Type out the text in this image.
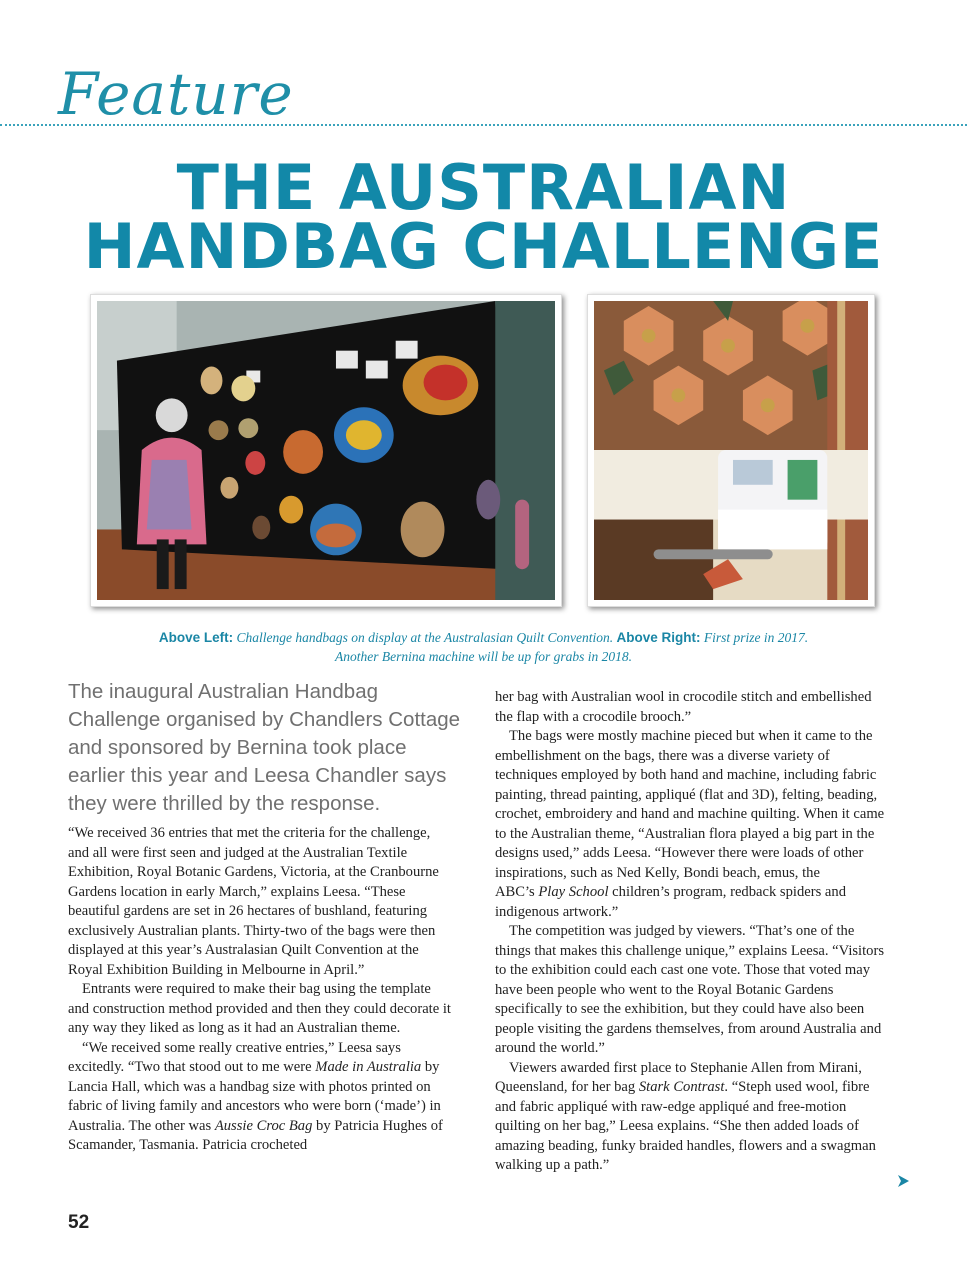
Feature
THE AUSTRALIAN
HANDBAG CHALLENGE
Above Left: Challenge handbags on display at the Australasian Quilt Convention. Above Right: First prize in 2017.
Another Bernina machine will be up for grabs in 2018.
The inaugural Australian Handbag Challenge organised by Chandlers Cottage and sponsored by Bernina took place earlier this year and Leesa Chandler says they were thrilled by the response.

“We received 36 entries that met the criteria for the challenge, and all were first seen and judged at the Australian Textile Exhibition, Royal Botanic Gardens, Victoria, at the Cranbourne Gardens location in early March,” explains Leesa. “These beautiful gardens are set in 26 hectares of bushland, featuring exclusively Australian plants. Thirty-two of the bags were then displayed at this year’s Australasian Quilt Convention at the Royal Exhibition Building in Melbourne in April.”

Entrants were required to make their bag using the template and construction method provided and then they could decorate it any way they liked as long as it had an Australian theme.

“We received some really creative entries,” Leesa says excitedly. “Two that stood out to me were Made in Australia by Lancia Hall, which was a handbag size with photos printed on fabric of living family and ancestors who were born (‘made’) in Australia. The other was Aussie Croc Bag by Patricia Hughes of Scamander, Tasmania. Patricia crocheted

her bag with Australian wool in crocodile stitch and embellished the flap with a crocodile brooch.”

The bags were mostly machine pieced but when it came to the embellishment on the bags, there was a diverse variety of techniques employed by both hand and machine, including fabric painting, thread painting, appliqué (flat and 3D), felting, beading, crochet, embroidery and hand and machine quilting. When it came to the Australian theme, “Australian flora played a big part in the designs used,” adds Leesa. “However there were loads of other inspirations, such as Ned Kelly, Bondi beach, emus, the
ABC’s Play School children’s program, redback spiders and indigenous artwork.”

The competition was judged by viewers. “That’s one of the things that makes this challenge unique,” explains Leesa. “Visitors to the exhibition could each cast one vote. Those that voted may have been people who went to the Royal Botanic Gardens specifically to see the exhibition, but they could have also been people visiting the gardens themselves, from around Australia and around the world.”

Viewers awarded first place to Stephanie Allen from Mirani, Queensland, for her bag Stark Contrast. “Steph used wool, fibre and fabric appliqué with raw-edge appliqué and free-motion quilting on her bag,” Leesa explains. “She then added loads of amazing beading, funky braided handles, flowers and a swagman walking up a path.”

52
